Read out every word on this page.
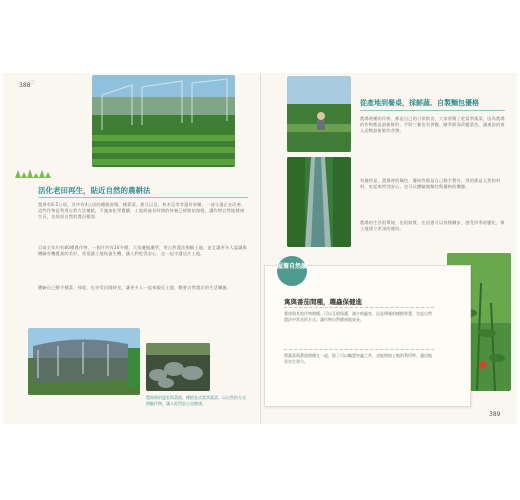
388
♡
活化老田再生，貼近自然的農耕法
農場有8.5公頃，其中有4公頃的種植面積，種著菜、甜豆以及、和木瓜等等還有果樹，一部分還正在改善，這些作物是利用自然方法種植，不施加化學農藥，土地經過長時間的休養已經開始復甦，讓作物自然地健康生長，也保留自然的農田樣貌。
目前全年約有80種農作物，一個月約有30多種，大家邊做邊學，用自然農法照顧土地，並且讓更多人認識與體驗有機農業的美好，希望讓土地恢復生機，讓人們吃得安心，也一起守護這片土地。
體驗自己動手種菜、採收，也享受田園時光，讓更多人一起來親近土地，體會自然農法的生活樂趣。
農場裡的溫室與菜園，種植各式當季蔬菜，以自然的方式照顧作物，讓人吃得安心也健康。
從產地到餐桌，採鮮蔬、自製麵包優格
農場裡種的作物，都是自己的日常飲食，大家習慣了吃當季蔬菜，因為農場的作物都是最新鮮的，平時三餐也有供應，隨季節而改變菜色，讓來訪的客人品嚐最新鮮的食物。
有趣的是，農場裡的麵包、優格等都是自己動手製作，用的都是天然的材料，吃起來特別安心，也可以體驗做麵包與優格的樂趣。
農場的生活很單純，也很踏實，在這裡可以放慢腳步，感受四季的變化，與土地建立更深的連結。
389
屋簷自然讀
寓與番茄間種，趨蟲保健進
番茄與其他作物間種，可以互相保護，減少病蟲害，這是傳統的種植智慧，也是自然農法中常見的方式，讓作物自然健康地成長。
將蔬菜與番茄間種在一起，除了可以驅趕害蟲之外，也能增加土地的利用率，讓田地更有生命力。
